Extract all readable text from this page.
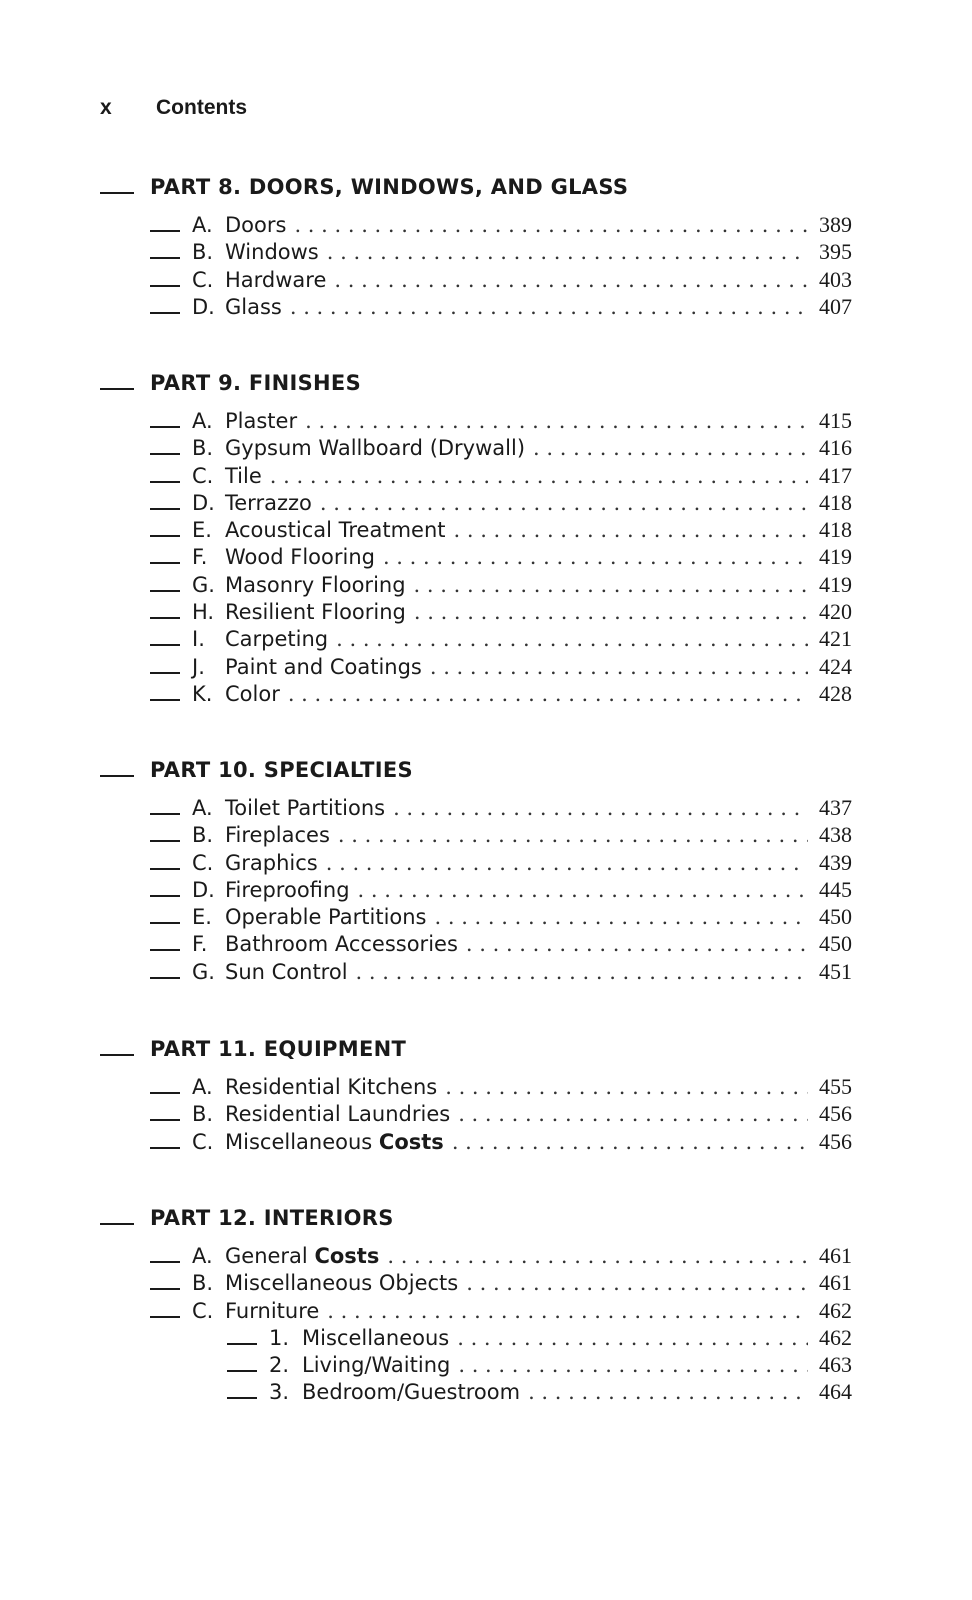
x Contents
PART 8. DOORS, WINDOWS, AND GLASS
A. Doors . . .	389
B. Windows . . .	395
C. Hardware . . .	403
D. Glass . . .	407
PART 9. FINISHES
A. Plaster . . .	415
B. Gypsum Wallboard (Drywall) . . .	416
C. Tile . . .	417
D. Terrazzo . . .	418
E. Acoustical Treatment . . .	418
F. Wood Flooring . . .	419
G. Masonry Flooring . . .	419
H. Resilient Flooring . . .	420
I. Carpeting . . .	421
J. Paint and Coatings . . .	424
K. Color . . .	428
PART 10. SPECIALTIES
A. Toilet Partitions . . .	437
B. Fireplaces . . .	438
C. Graphics . . .	439
D. Fireproofing . . .	445
E. Operable Partitions . . .	450
F. Bathroom Accessories . . .	450
G. Sun Control . . .	451
PART 11. EQUIPMENT
A. Residential Kitchens . . .	455
B. Residential Laundries . . .	456
C. Miscellaneous Costs . . .	456
PART 12. INTERIORS
A. General Costs . . .	461
B. Miscellaneous Objects . . .	461
C. Furniture . . .	462
1. Miscellaneous . . .	462
2. Living/Waiting . . .	463
3. Bedroom/Guestroom . . .	464
